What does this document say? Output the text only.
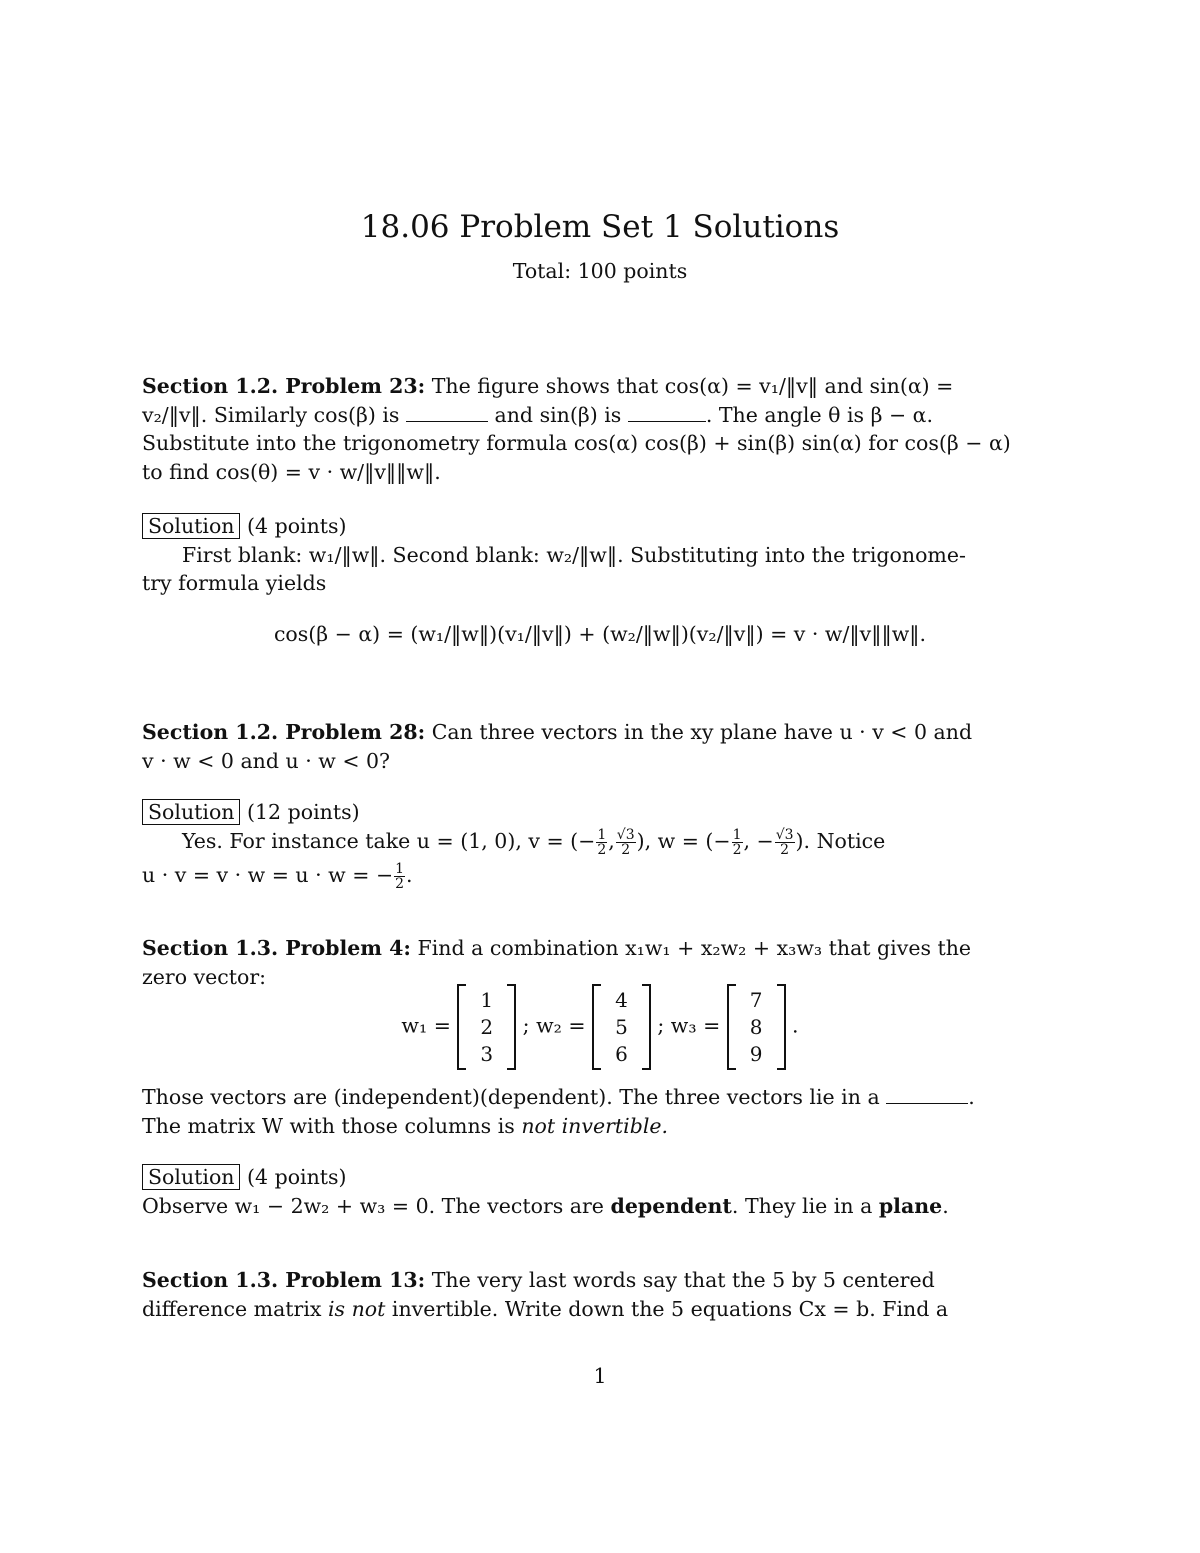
18.06 Problem Set 1 Solutions
Total: 100 points
Section 1.2. Problem 23: The figure shows that cos(α) = v₁/‖v‖ and sin(α) =
v₂/‖v‖. Similarly cos(β) is	and sin(β) is	. The angle θ is β − α.
Substitute into the trigonometry formula cos(α) cos(β) + sin(β) sin(α) for cos(β − α)
to find cos(θ) = v · w/‖v‖‖w‖.
Solution (4 points)
First blank: w₁/‖w‖. Second blank: w₂/‖w‖. Substituting into the trigonome-
try formula yields
cos(β − α) = (w₁/‖w‖)(v₁/‖v‖) + (w₂/‖w‖)(v₂/‖v‖) = v · w/‖v‖‖w‖.
Section 1.2. Problem 28: Can three vectors in the xy plane have u · v < 0 and
v · w < 0 and u · w < 0?
Solution (12 points)
Yes. For instance take u = (1, 0), v = (− $\frac{1}{2}$ , $\frac{√3}{2}$ ), w = (− $\frac{1}{2}$ , − $\frac{√3}{2}$ ). Notice
u · v = v · w = u · w = − $\frac{1}{2}$ .
Section 1.3. Problem 4: Find a combination x₁w₁ + x₂w₂ + x₃w₃ that gives the
zero vector:
w₁ =
1
2
3
; w₂ =
4
5
6
; w₃ =
7
8
9
.
Those vectors are (independent)(dependent). The three vectors lie in a	.
The matrix W with those columns is not invertible.
Solution (4 points)
Observe w₁ − 2w₂ + w₃ = 0. The vectors are dependent. They lie in a plane.
Section 1.3. Problem 13: The very last words say that the 5 by 5 centered
difference matrix is not invertible. Write down the 5 equations Cx = b. Find a
1
